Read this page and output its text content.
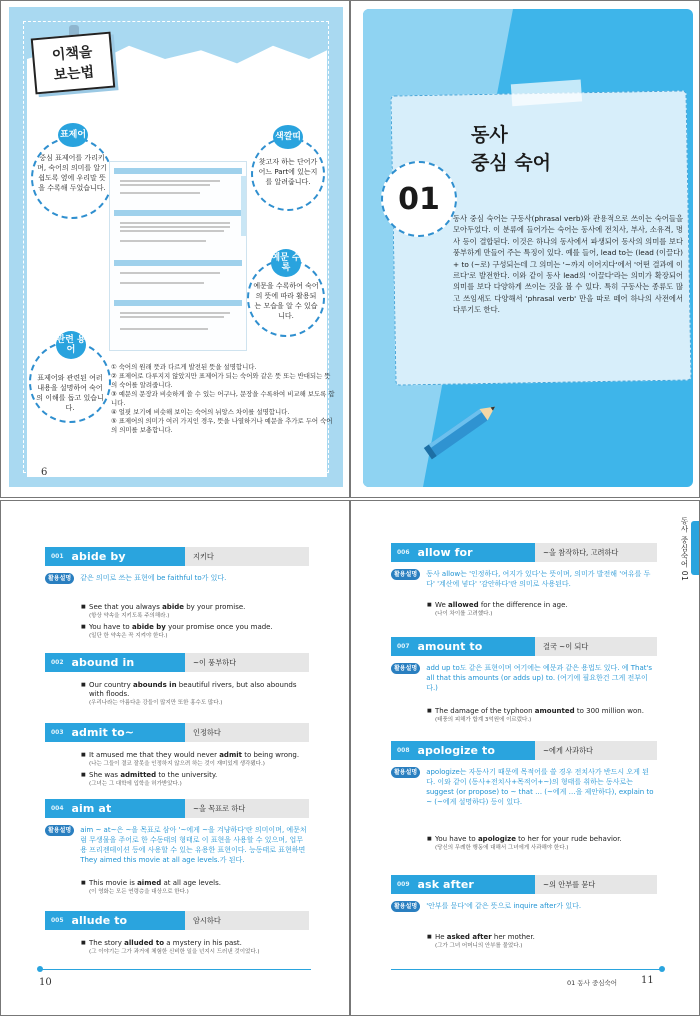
이책을
보는법
표제어
중심 표제어를 가리키며, 숙어의 의미를 알기 쉽도록 옆에 우리말 뜻을 수록해 두었습니다.
색깔띠
찾고자 하는 단어가 어느 Part에 있는지를 알려줍니다.
예문 수록
예문을 수록하여 숙어의 뜻에 따라 활용되는 모습을 알 수 있습니다.
관련 용어
표제어와 관련된 여러 내용을 설명하여 숙어의 이해를 돕고 있습니다.
① 숙어의 원래 뜻과 다르게 발전된 뜻을 설명합니다.
② 표제어로 다루지지 않았지만 표제어가 되는 숙어와 같은 뜻 또는 반대되는 뜻의 숙어를 알려줍니다.
③ 예문의 문장과 비슷하게 쓸 수 있는 어구나, 문장을 수록하여 비교해 보도록 합니다.
④ 얼핏 보기에 비슷해 보이는 숙어의 뉘앙스 차이를 설명합니다.
⑤ 표제어의 의미가 여러 가지인 경우, 뜻을 나열하거나 예문을 추가로 두어 숙어의 의미를 보충합니다.
6
01
동사
중심 숙어
동사 중심 숙어는 구동사(phrasal verb)와 관용적으로 쓰이는 숙어들을 모아두었다. 이 분류에 들어가는 숙어는 동사에 전치사, 부사, 소유격, 명사 등이 결합된다. 이것은 하나의 동사에서 파생되어 동사의 의미를 보다 풍부하게 만들어 주는 특징이 있다. 예를 들어, lead to는 (lead (이끌다) + to (~로) 구성되는데 그 의미는 '~까지 이어지다'에서 '어떤 결과에 이르다'로 발전한다. 이와 같이 동사 lead의 '이끌다'라는 의미가 확장되어 의미를 보다 다양하게 쓰이는 것을 볼 수 있다. 특히 구동사는 종류도 많고 쓰임새도 다양해서 'phrasal verb' 만을 따로 떼어 하나의 사전에서 다루기도 한다.
001 abide by	지키다
활용설명	같은 의미로 쓰는 표현에 be faithful to가 있다.
■ See that you always abide by your promise.
(항상 약속을 지키도록 주의해라.)
■ You have to abide by your promise once you made.
(일단 한 약속은 꼭 지켜야 한다.)
002 abound in	~이 풍부하다
■ Our country abounds in beautiful rivers, but also abounds with floods.
(우리나라는 아름다운 강들이 많지만 또한 홍수도 많다.)
003 admit to~	인정하다
■ It amused me that they would never admit to being wrong.
(나는 그들이 결코 잘못을 인정하지 않으려 하는 것이 재미있게 생각됐다.)
■ She was admitted to the university.
(그녀는 그 대학에 입학을 허가받았다.)
004 aim at	~을 목표로 하다
활용설명	aim ~ at~은 ~을 목표로 삼아 '~에게 ~을 겨냥하다'란 의미이며, 예문처럼 무생물을 주어로 한 수동태의 형태로 이 표현을 사용할 수 있으며, 업무용 프리젠테이션 등에 사용할 수 있는 유용한 표현이다. 능동태로 표현하면 They aimed this movie at all age levels.가 된다.
■ This movie is aimed at all age levels.
(이 영화는 모든 연령층을 대상으로 한다.)
005 allude to	암시하다
■ The story alluded to a mystery in his past.
(그 이야기는 그가 과거에 체험한 신비한 일을 넌지시 드러낸 것이었다.)
10
동사 중심숙어 01
006 allow for	~을 참작하다, 고려하다
활용설명	동사 allow는 '인정하다, 여지가 있다'는 뜻이며, 의미가 발전해 '여유를 두다' '계산에 넣다' '감안하다'란 의미로 사용된다.
■ We allowed for the difference in age.
(나이 차이를 고려했다.)
007 amount to	결국 ~이 되다
활용설명	add up to도 같은 표현이며 여기에는 예문과 같은 용법도 있다. 예 That's all that this amounts (or adds up) to. (여기에 필요한건 그게 전부이다.)
■ The damage of the typhoon amounted to 300 million won.
(태풍의 피해가 합계 3억원에 이르렀다.)
008 apologize to	~에게 사과하다
활용설명	apologize는 자동사기 때문에 목적어를 쓸 경우 전치사가 반드시 오게 된다. 이와 같이 (동사+전치사+목적어+~)의 형태를 취하는 동사로는 suggest (or propose) to ~ that … (~에게 …을 제안하다), explain to ~ (~에게 설명하다) 등이 있다.
■ You have to apologize to her for your rude behavior.
(당신의 무례한 행동에 대해서 그녀에게 사과해야 한다.)
009 ask after	~의 안부를 묻다
활용설명	'안부를 묻다'에 같은 뜻으로 inquire after가 있다.
■ He asked after her mother.
(그가 그녀 어머니의 안부를 물었다.)
01 동사 중심숙어 11
